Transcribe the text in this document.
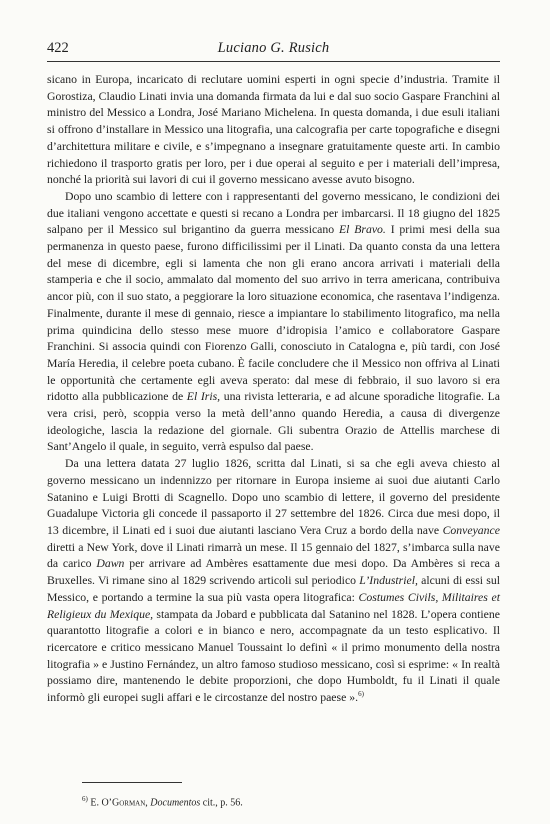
422	Luciano G. Rusich

sicano in Europa, incaricato di reclutare uomini esperti in ogni specie d’industria. Tramite il Gorostiza, Claudio Linati invia una domanda firmata da lui e dal suo socio Gaspare Franchini al ministro del Messico a Londra, José Mariano Michelena. In questa domanda, i due esuli italiani si offrono d’installare in Messico una litografia, una calcografia per carte topografiche e disegni d’architettura militare e civile, e s’impegnano a insegnare gratuitamente queste arti. In cambio richiedono il trasporto gratis per loro, per i due operai al seguito e per i materiali dell’impresa, nonché la priorità sui lavori di cui il governo messicano avesse avuto bisogno.

Dopo uno scambio di lettere con i rappresentanti del governo messicano, le condizioni dei due italiani vengono accettate e questi si recano a Londra per imbarcarsi. Il 18 giugno del 1825 salpano per il Messico sul brigantino da guerra messicano El Bravo. I primi mesi della sua permanenza in questo paese, furono difficilissimi per il Linati. Da quanto consta da una lettera del mese di dicembre, egli si lamenta che non gli erano ancora arrivati i materiali della stamperia e che il socio, ammalato dal momento del suo arrivo in terra americana, contribuiva ancor più, con il suo stato, a peggiorare la loro situazione economica, che rasentava l’indigenza. Finalmente, durante il mese di gennaio, riesce a impiantare lo stabilimento litografico, ma nella prima quindicina dello stesso mese muore d’idropisia l’amico e collaboratore Gaspare Franchini. Si associa quindi con Fiorenzo Galli, conosciuto in Catalogna e, più tardi, con José María Heredia, il celebre poeta cubano. È facile concludere che il Messico non offriva al Linati le opportunità che certamente egli aveva sperato: dal mese di febbraio, il suo lavoro si era ridotto alla pubblicazione de El Iris, una rivista letteraria, e ad alcune sporadiche litografie. La vera crisi, però, scoppia verso la metà dell’anno quando Heredia, a causa di divergenze ideologiche, lascia la redazione del giornale. Gli subentra Orazio de Attellis marchese di Sant’Angelo il quale, in seguito, verrà espulso dal paese.

Da una lettera datata 27 luglio 1826, scritta dal Linati, si sa che egli aveva chiesto al governo messicano un indennizzo per ritornare in Europa insieme ai suoi due aiutanti Carlo Satanino e Luigi Brotti di Scagnello. Dopo uno scambio di lettere, il governo del presidente Guadalupe Victoria gli concede il passaporto il 27 settembre del 1826. Circa due mesi dopo, il 13 dicembre, il Linati ed i suoi due aiutanti lasciano Vera Cruz a bordo della nave Conveyance diretti a New York, dove il Linati rimarrà un mese. Il 15 gennaio del 1827, s’imbarca sulla nave da carico Dawn per arrivare ad Ambères esattamente due mesi dopo. Da Ambères si reca a Bruxelles. Vi rimane sino al 1829 scrivendo articoli sul periodico L’Industriel, alcuni di essi sul Messico, e portando a termine la sua più vasta opera litografica: Costumes Civils, Militaires et Religieux du Mexique, stampata da Jobard e pubblicata dal Satanino nel 1828. L’opera contiene quarantotto litografie a colori e in bianco e nero, accompagnate da un testo esplicativo. Il ricercatore e critico messicano Manuel Toussaint lo definì « il primo monumento della nostra litografia » e Justino Fernández, un altro famoso studioso messicano, così si esprime: « In realtà possiamo dire, mantenendo le debite proporzioni, che dopo Humboldt, fu il Linati il quale informò gli europei sugli affari e le circostanze del nostro paese ».$^{6)}$

$^{6)}$ E. O’Gorman, Documentos cit., p. 56.
